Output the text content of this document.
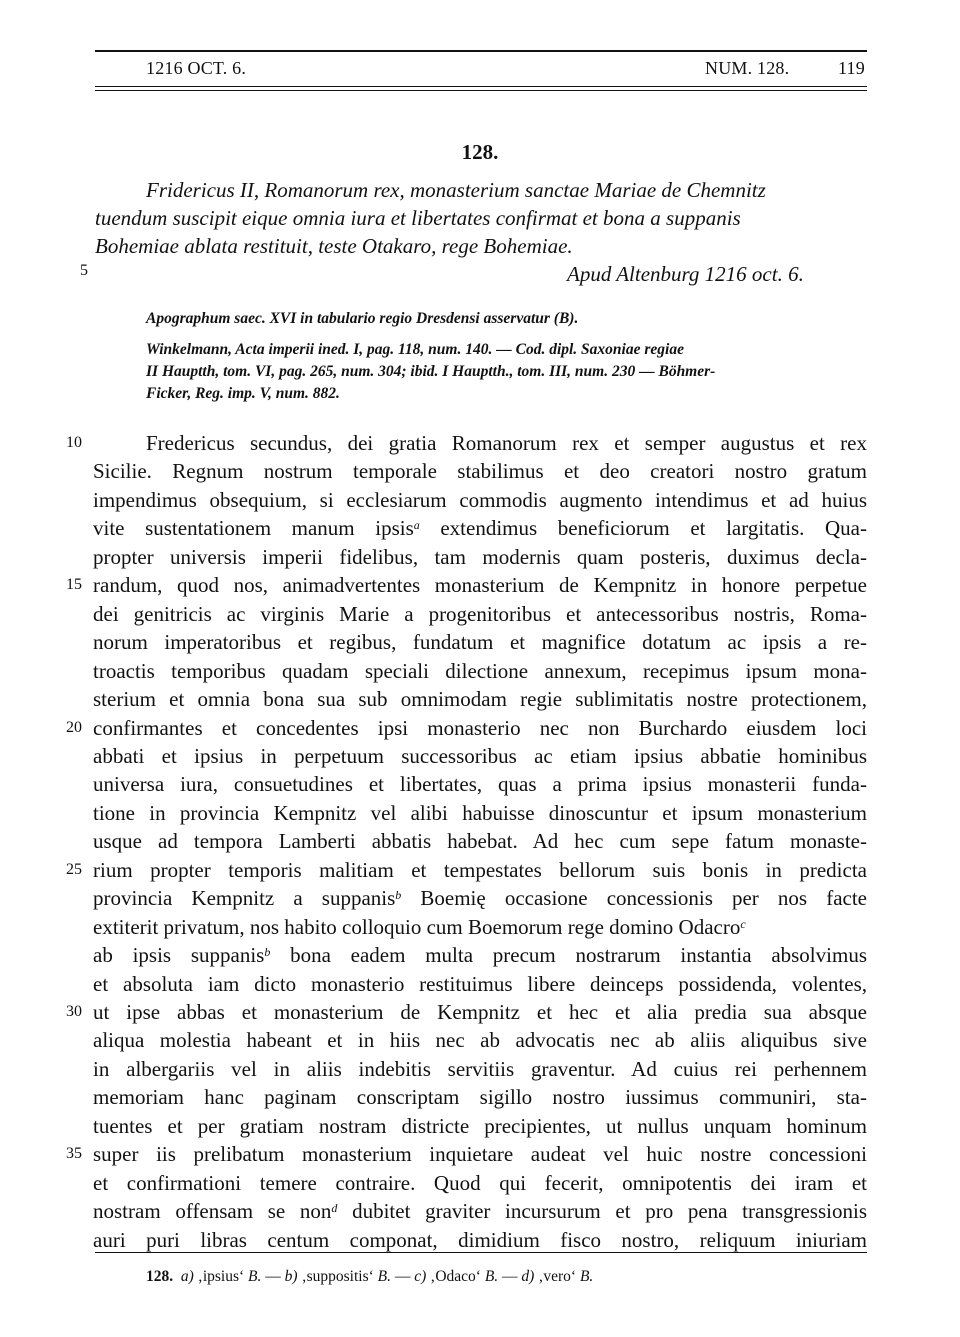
1216 OCT. 6.	NUM. 128.	119
128.
Fridericus II, Romanorum rex, monasterium sanctae Mariae de Chemnitz
tuendum suscipit eique omnia iura et libertates confirmat et bona a suppanis
Bohemiae ablata restituit, teste Otakaro, rege Bohemiae.
5	Apud Altenburg 1216 oct. 6.
Apographum saec. XVI in tabulario regio Dresdensi asservatur (B).
Winkelmann, Acta imperii ined. I, pag. 118, num. 140. — Cod. dipl. Saxoniae regiae
II Hauptth, tom. VI, pag. 265, num. 304; ibid. I Hauptth., tom. III, num. 230 — Böhmer-
Ficker, Reg. imp. V, num. 882.
Fredericus secundus, dei gratia Romanorum rex et semper augustus et rex
10
Sicilie. Regnum nostrum temporale stabilimus et deo creatori nostro gratum
impendimus obsequium, si ecclesiarum commodis augmento intendimus et ad huius
vite sustentationem manum ipsis$^a$ extendimus beneficiorum et largitatis. Qua-
propter universis imperii fidelibus, tam modernis quam posteris, duximus decla-
randum, quod nos, animadvertentes monasterium de Kempnitz in honore perpetue
15
dei genitricis ac virginis Marie a progenitoribus et antecessoribus nostris, Roma-
norum imperatoribus et regibus, fundatum et magnifice dotatum ac ipsis a re-
troactis temporibus quadam speciali dilectione annexum, recepimus ipsum mona-
sterium et omnia bona sua sub omnimodam regie sublimitatis nostre protectionem,
confirmantes et concedentes ipsi monasterio nec non Burchardo eiusdem loci
20
abbati et ipsius in perpetuum successoribus ac etiam ipsius abbatie hominibus
universa iura, consuetudines et libertates, quas a prima ipsius monasterii funda-
tione in provincia Kempnitz vel alibi habuisse dinoscuntur et ipsum monasterium
usque ad tempora Lamberti abbatis habebat. Ad hec cum sepe fatum monaste-
rium propter temporis malitiam et tempestates bellorum suis bonis in predicta
25
provincia Kempnitz a suppanis$^b$ Boemię occasione concessionis per nos facte
extiterit privatum, nos habito colloquio cum Boemorum rege domino Odacro$^c$
ab ipsis suppanis$^b$ bona eadem multa precum nostrarum instantia absolvimus
et absoluta iam dicto monasterio restituimus libere deinceps possidenda, volentes,
ut ipse abbas et monasterium de Kempnitz et hec et alia predia sua absque
30
aliqua molestia habeant et in hiis nec ab advocatis nec ab aliis aliquibus sive
in albergariis vel in aliis indebitis servitiis graventur. Ad cuius rei perhennem
memoriam hanc paginam conscriptam sigillo nostro iussimus communiri, sta-
tuentes et per gratiam nostram districte precipientes, ut nullus unquam hominum
super iis prelibatum monasterium inquietare audeat vel huic nostre concessioni
35
et confirmationi temere contraire. Quod qui fecerit, omnipotentis dei iram et
nostram offensam se non$^d$ dubitet graviter incursurum et pro pena transgressionis
auri puri libras centum componat, dimidium fisco nostro, reliquum iniuriam
128. a) ‚ipsius‘ B. — b) ‚suppositis‘ B. — c) ‚Odaco‘ B. — d) ‚vero‘ B.
